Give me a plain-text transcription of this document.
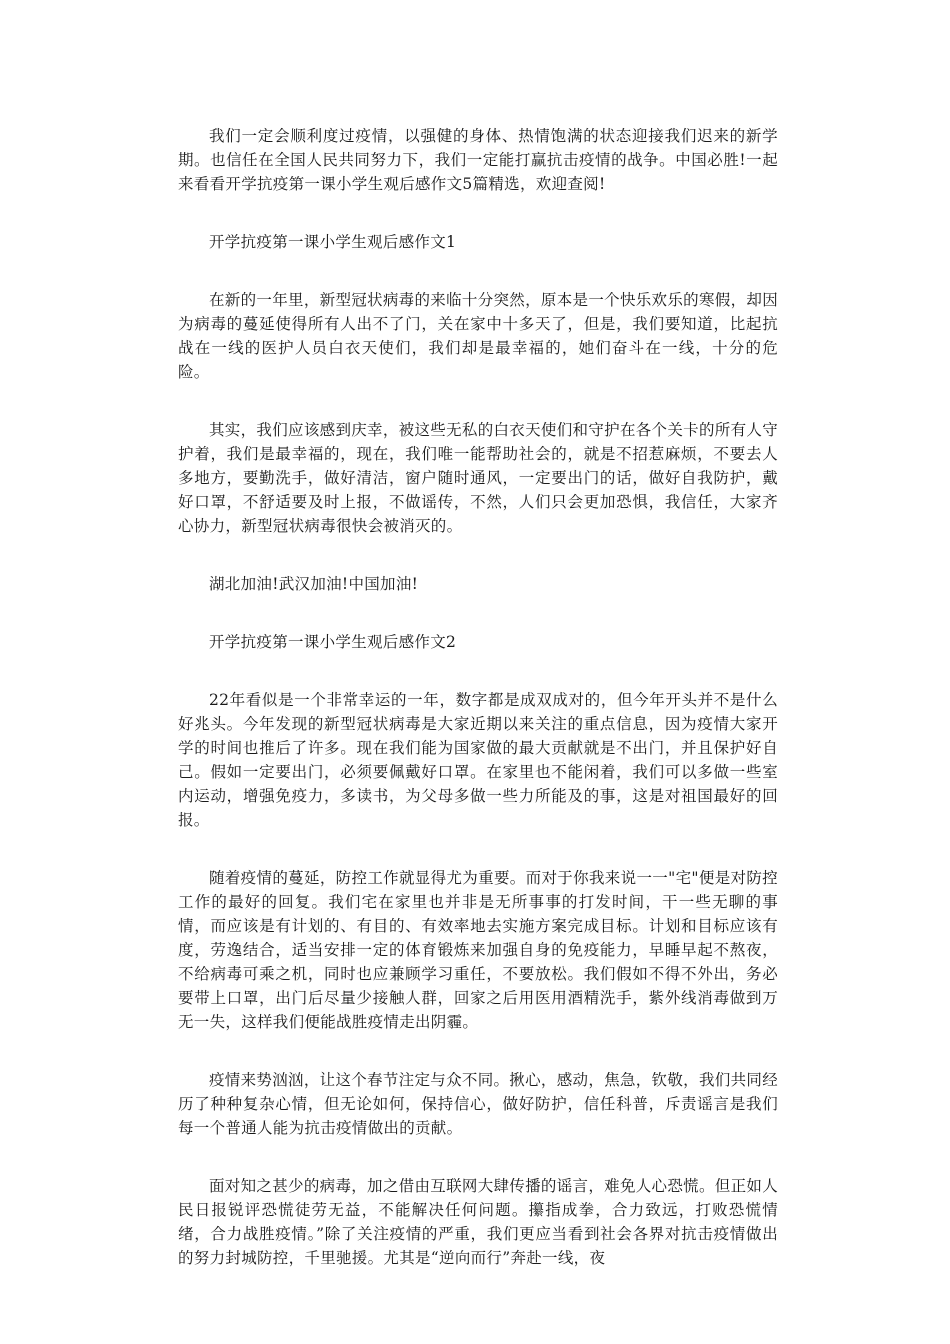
我们一定会顺利度过疫情，以强健的身体、热情饱满的状态迎接我们迟来的新学期。也信任在全国人民共同努力下，我们一定能打赢抗击疫情的战争。中国必胜!一起来看看开学抗疫第一课小学生观后感作文5篇精选，欢迎查阅!

开学抗疫第一课小学生观后感作文1

在新的一年里，新型冠状病毒的来临十分突然，原本是一个快乐欢乐的寒假，却因为病毒的蔓延使得所有人出不了门，关在家中十多天了，但是，我们要知道，比起抗战在一线的医护人员白衣天使们，我们却是最幸福的，她们奋斗在一线，十分的危险。

其实，我们应该感到庆幸，被这些无私的白衣天使们和守护在各个关卡的所有人守护着，我们是最幸福的，现在，我们唯一能帮助社会的，就是不招惹麻烦，不要去人多地方，要勤洗手，做好清洁，窗户随时通风，一定要出门的话，做好自我防护，戴好口罩，不舒适要及时上报，不做谣传，不然，人们只会更加恐惧，我信任，大家齐心协力，新型冠状病毒很快会被消灭的。

湖北加油!武汉加油!中国加油!

开学抗疫第一课小学生观后感作文2

22年看似是一个非常幸运的一年，数字都是成双成对的，但今年开头并不是什么好兆头。今年发现的新型冠状病毒是大家近期以来关注的重点信息，因为疫情大家开学的时间也推后了许多。现在我们能为国家做的最大贡献就是不出门，并且保护好自己。假如一定要出门，必须要佩戴好口罩。在家里也不能闲着，我们可以多做一些室内运动，增强免疫力，多读书，为父母多做一些力所能及的事，这是对祖国最好的回报。

随着疫情的蔓延，防控工作就显得尤为重要。而对于你我来说一一"宅"便是对防控工作的最好的回复。我们宅在家里也并非是无所事事的打发时间，干一些无聊的事情，而应该是有计划的、有目的、有效率地去实施方案完成目标。计划和目标应该有度，劳逸结合，适当安排一定的体育锻炼来加强自身的免疫能力，早睡早起不熬夜，不给病毒可乘之机，同时也应兼顾学习重任，不要放松。我们假如不得不外出，务必要带上口罩，出门后尽量少接触人群，回家之后用医用酒精洗手，紫外线消毒做到万无一失，这样我们便能战胜疫情走出阴霾。

疫情来势汹汹，让这个春节注定与众不同。揪心，感动，焦急，钦敬，我们共同经历了种种复杂心情，但无论如何，保持信心，做好防护，信任科普，斥责谣言是我们每一个普通人能为抗击疫情做出的贡献。

面对知之甚少的病毒，加之借由互联网大肆传播的谣言，难免人心恐慌。但正如人民日报锐评恐慌徒劳无益，不能解决任何问题。攥指成拳，合力致远，打败恐慌情绪，合力战胜疫情。”除了关注疫情的严重，我们更应当看到社会各界对抗击疫情做出的努力封城防控，千里驰援。尤其是“逆向而行”奔赴一线，夜
